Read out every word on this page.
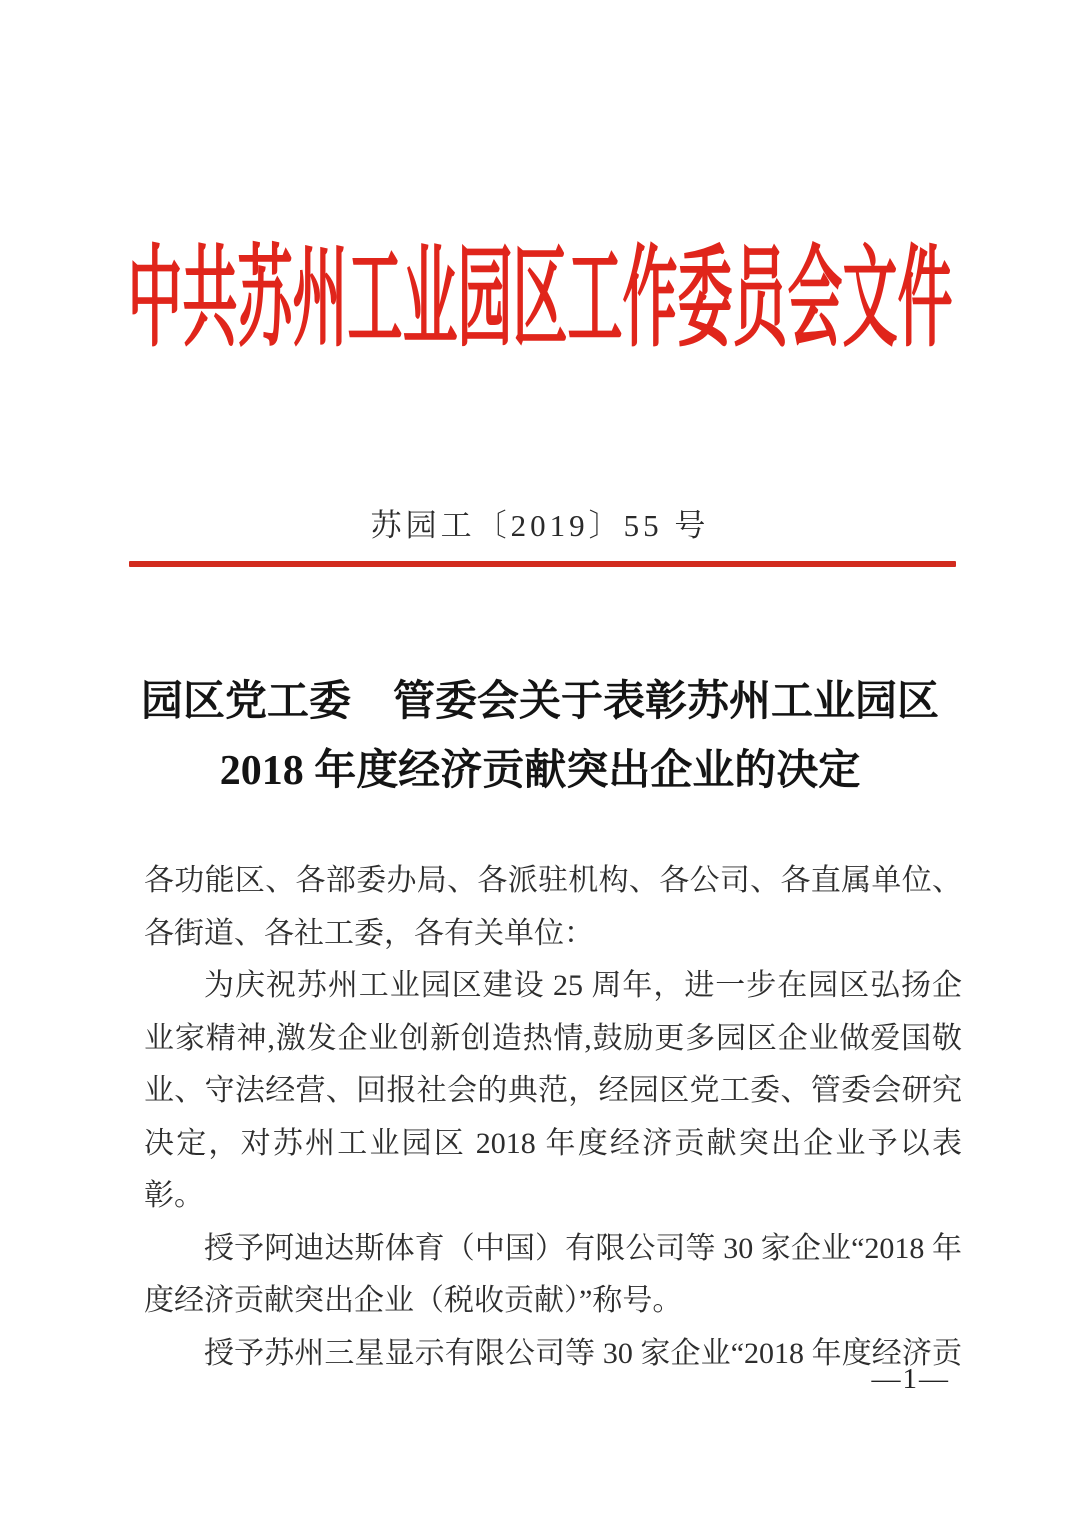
中共苏州工业园区工作委员会文件
苏园工〔2019〕55 号
园区党工委　管委会关于表彰苏州工业园区
2018 年度经济贡献突出企业的决定

各功能区、各部委办局、各派驻机构、各公司、各直属单位、各街道、各社工委，各有关单位：

为庆祝苏州工业园区建设 25 周年，进一步在园区弘扬企业家精神,激发企业创新创造热情,鼓励更多园区企业做爱国敬业、守法经营、回报社会的典范，经园区党工委、管委会研究决定，对苏州工业园区 2018 年度经济贡献突出企业予以表彰。

授予阿迪达斯体育（中国）有限公司等 30 家企业“2018 年度经济贡献突出企业（税收贡献）”称号。

授予苏州三星显示有限公司等 30 家企业“2018 年度经济贡

—1—
